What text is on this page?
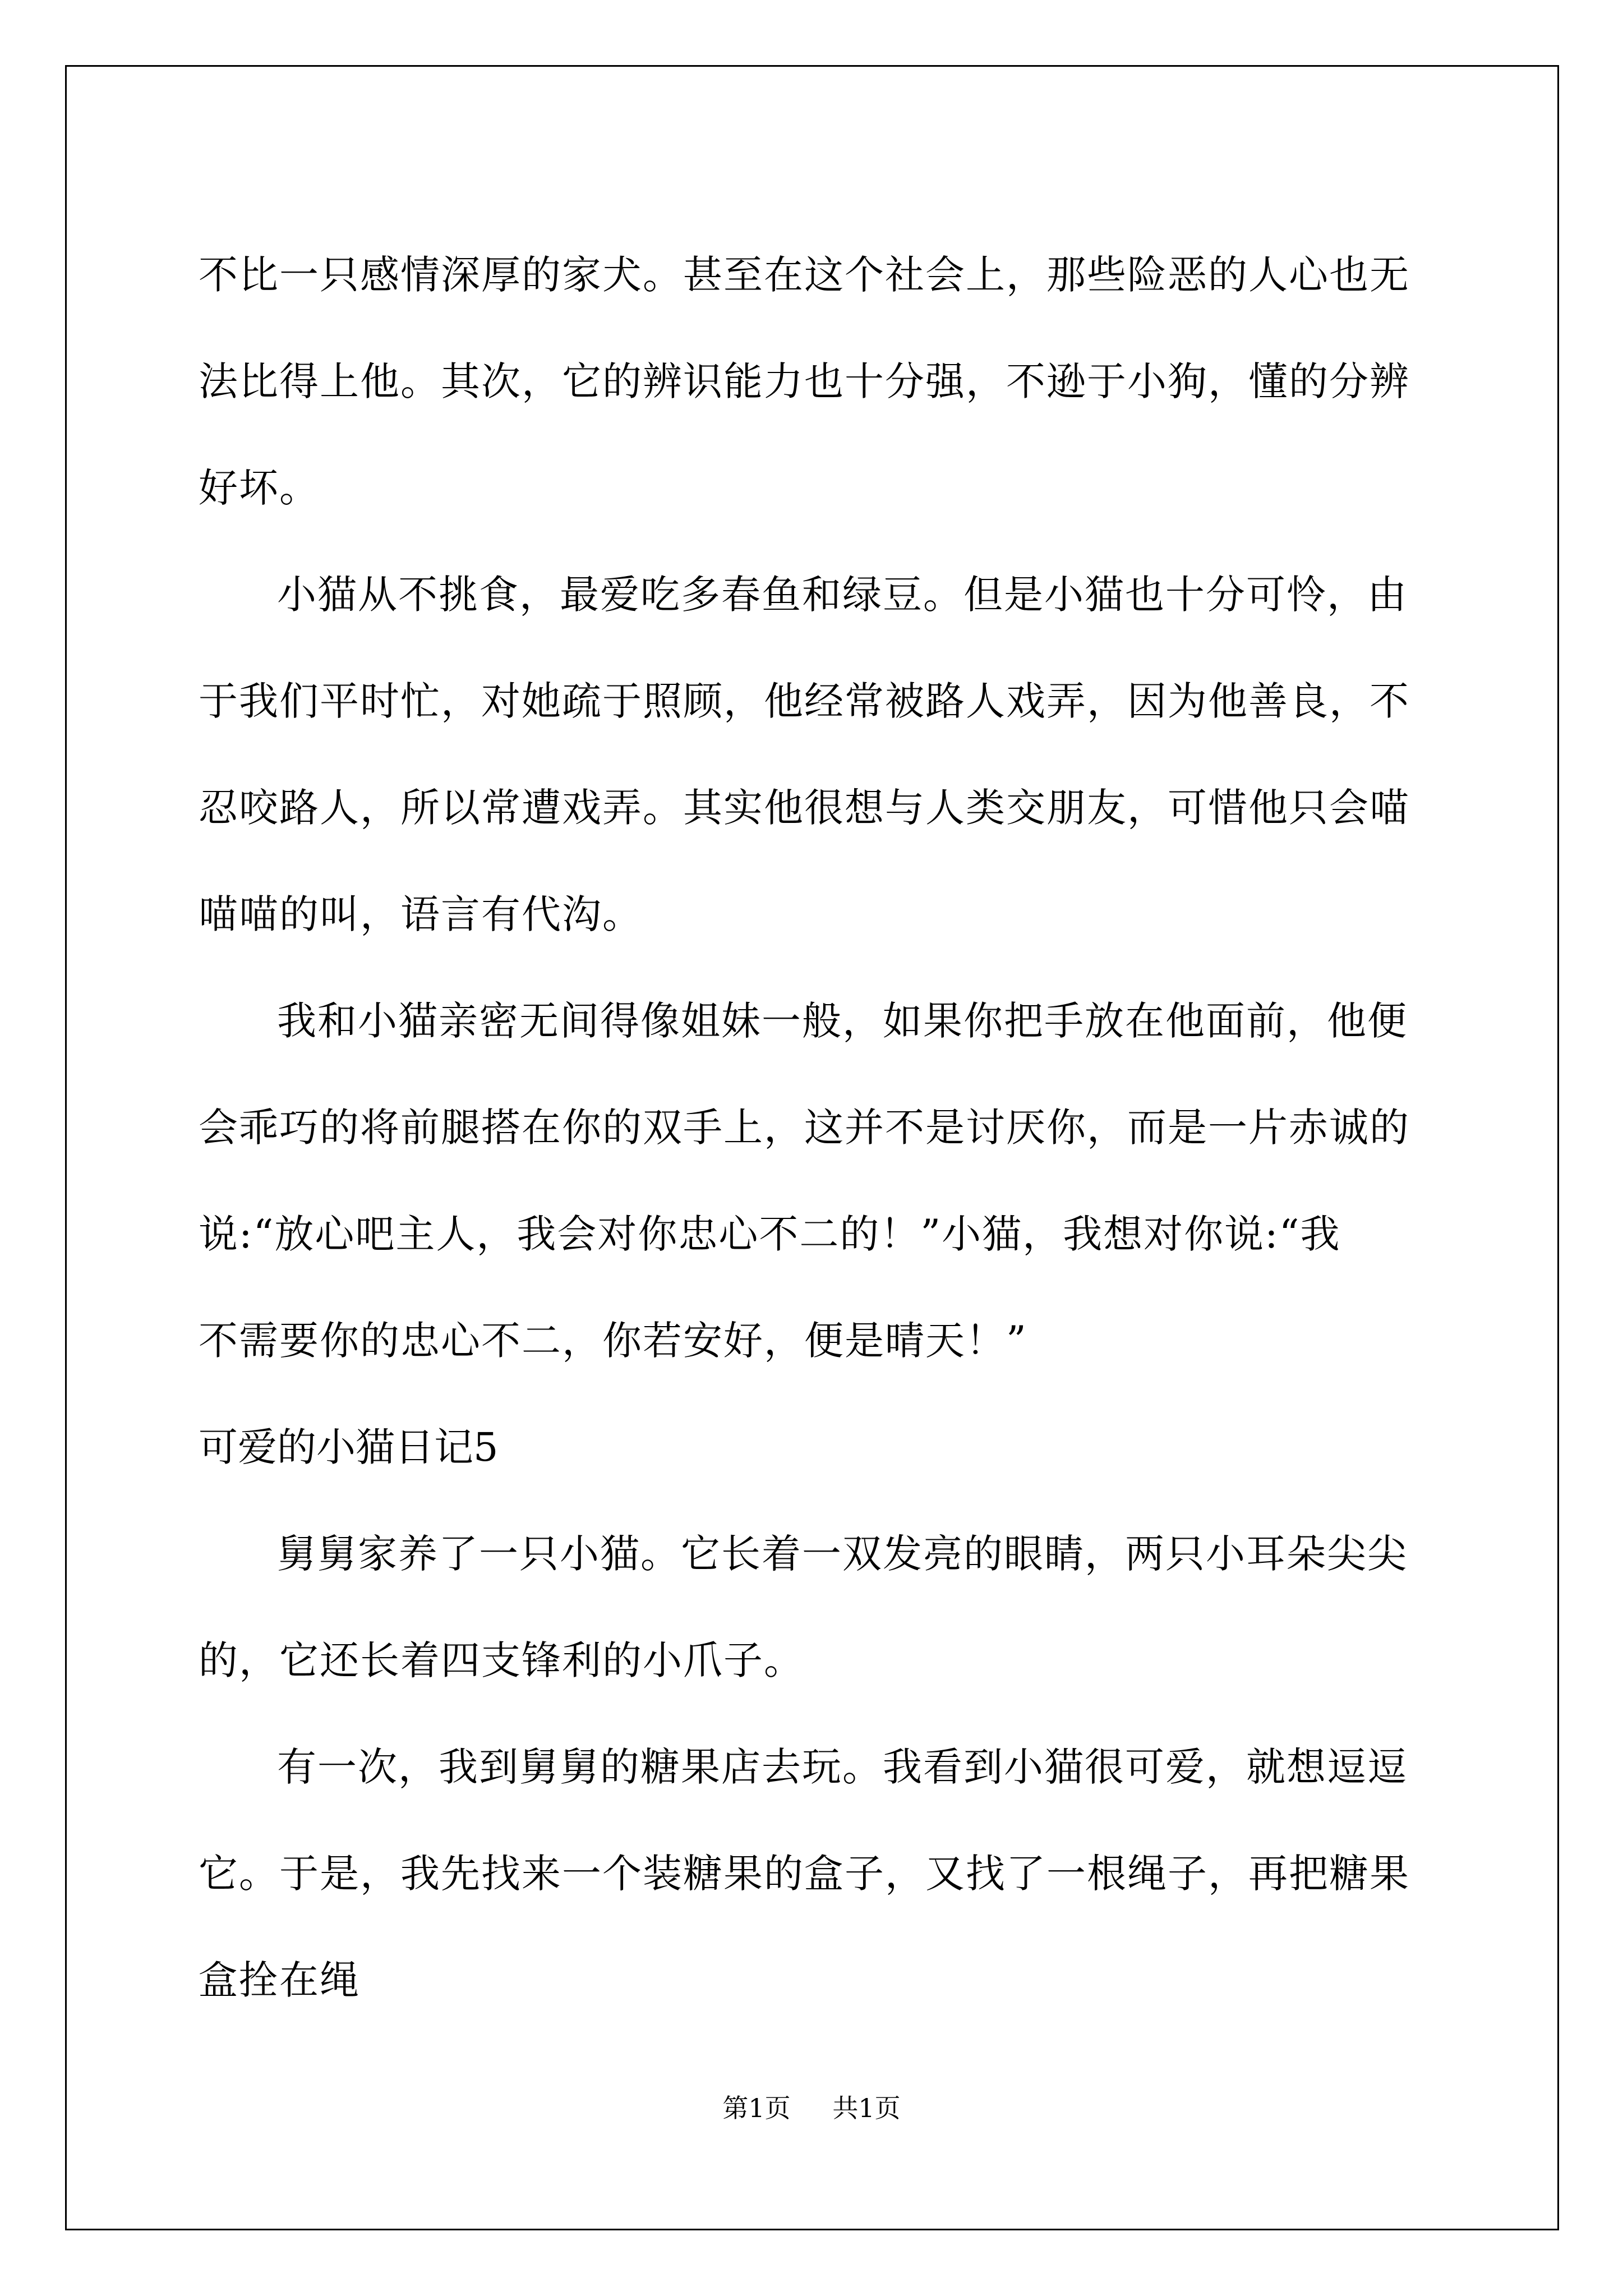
不比一只感情深厚的家犬。甚至在这个社会上，那些险恶的人心也无
法比得上他。其次，它的辨识能力也十分强，不逊于小狗，懂的分辨
好坏。
小猫从不挑食，最爱吃多春鱼和绿豆。但是小猫也十分可怜，由
于我们平时忙，对她疏于照顾，他经常被路人戏弄，因为他善良，不
忍咬路人，所以常遭戏弄。其实他很想与人类交朋友，可惜他只会喵
喵喵的叫，语言有代沟。
我和小猫亲密无间得像姐妹一般，如果你把手放在他面前，他便
会乖巧的将前腿搭在你的双手上，这并不是讨厌你，而是一片赤诚的
说:“放心吧主人，我会对你忠心不二的！”小猫，我想对你说:“我
不需要你的忠心不二，你若安好，便是晴天！”
可爱的小猫日记5
舅舅家养了一只小猫。它长着一双发亮的眼睛，两只小耳朵尖尖
的，它还长着四支锋利的小爪子。
有一次，我到舅舅的糖果店去玩。我看到小猫很可爱，就想逗逗
它。于是，我先找来一个装糖果的盒子，又找了一根绳子，再把糖果
盒拴在绳
第1页 共1页
